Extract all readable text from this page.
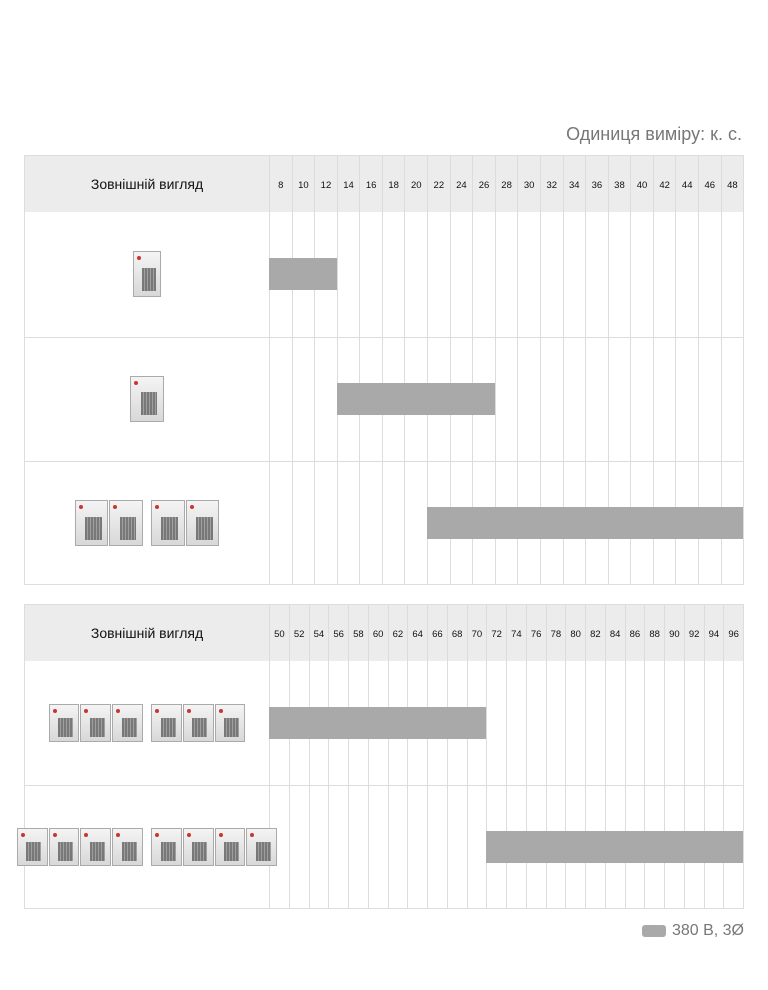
Одиниця виміру: к. с.
Зовнішній вигляд	8	10	12	14	16	18	20	22	24	26	28	30	32	34	36	38	40	42	44	46	48
Зовнішній вигляд	50 52 54 56 58 60 62 64 66 68 70 72 74 76 78 80 82 84 86 88 90 92 94 96
380 В, 3Ø
